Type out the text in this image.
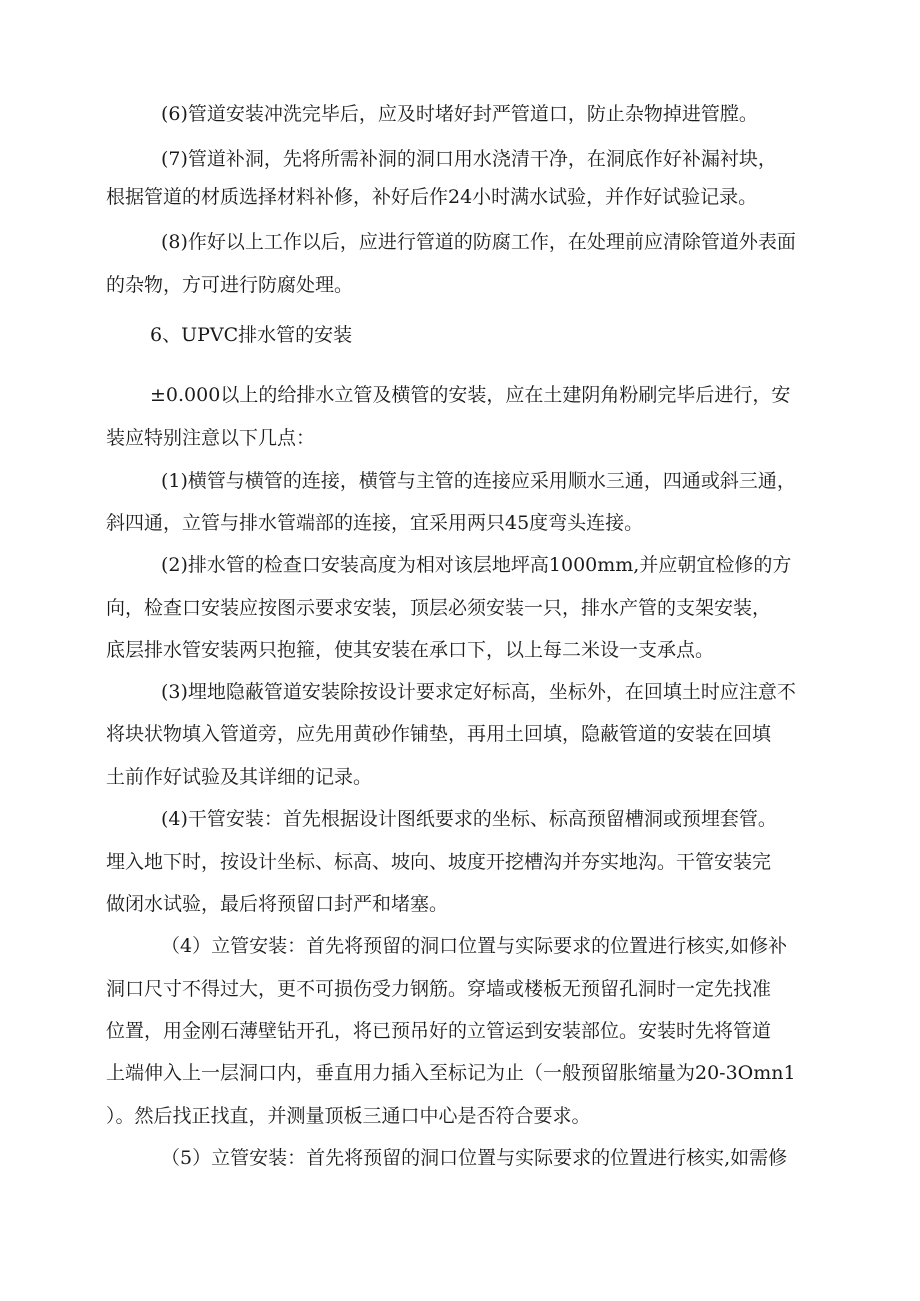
(6)管道安装冲洗完毕后，应及时堵好封严管道口，防止杂物掉进管膛。
(7)管道补洞，先将所需补洞的洞口用水浇清干净，在洞底作好补漏衬块，
根据管道的材质选择材料补修，补好后作24小时满水试验，并作好试验记录。
(8)作好以上工作以后，应进行管道的防腐工作，在处理前应清除管道外表面
的杂物，方可进行防腐处理。
6、UPVC排水管的安装
±0.000以上的给排水立管及横管的安装，应在土建阴角粉刷完毕后进行，安
装应特别注意以下几点：
(1)横管与横管的连接，横管与主管的连接应采用顺水三通，四通或斜三通，
斜四通，立管与排水管端部的连接，宜采用两只45度弯头连接。
(2)排水管的检查口安装高度为相对该层地坪高1000mm,并应朝宜检修的方
向，检查口安装应按图示要求安装，顶层必须安装一只，排水产管的支架安装，
底层排水管安装两只抱箍，使其安装在承口下，以上每二米设一支承点。
(3)埋地隐蔽管道安装除按设计要求定好标高，坐标外，在回填土时应注意不
将块状物填入管道旁，应先用黄砂作铺垫，再用土回填，隐蔽管道的安装在回填
土前作好试验及其详细的记录。
(4)干管安装：首先根据设计图纸要求的坐标、标高预留槽洞或预埋套管。
埋入地下时，按设计坐标、标高、坡向、坡度开挖槽沟并夯实地沟。干管安装完
做闭水试验，最后将预留口封严和堵塞。
（4）立管安装：首先将预留的洞口位置与实际要求的位置进行核实,如修补
洞口尺寸不得过大，更不可损伤受力钢筋。穿墙或楼板无预留孔洞时一定先找准
位置，用金刚石薄壁钻开孔，将已预吊好的立管运到安装部位。安装时先将管道
上端伸入上一层洞口内，垂直用力插入至标记为止（一般预留胀缩量为20-3Omn1
）。然后找正找直，并测量顶板三通口中心是否符合要求。
（5）立管安装：首先将预留的洞口位置与实际要求的位置进行核实,如需修
